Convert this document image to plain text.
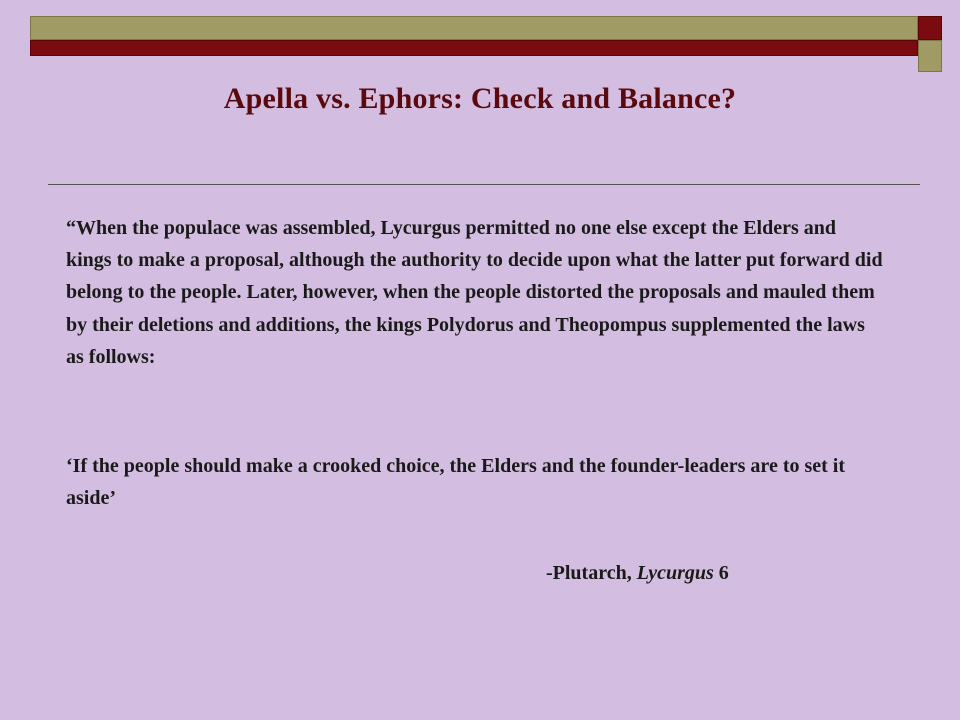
Apella vs. Ephors: Check and Balance?

“When the populace was assembled, Lycurgus permitted no one else except the Elders and kings to make a proposal, although the authority to decide upon what the latter put forward did belong to the people. Later, however, when the people distorted the proposals and mauled them by their deletions and additions, the kings Polydorus and Theopompus supplemented the laws as follows:

‘If the people should make a crooked choice, the Elders and the founder-leaders are to set it aside’

-Plutarch, Lycurgus 6
